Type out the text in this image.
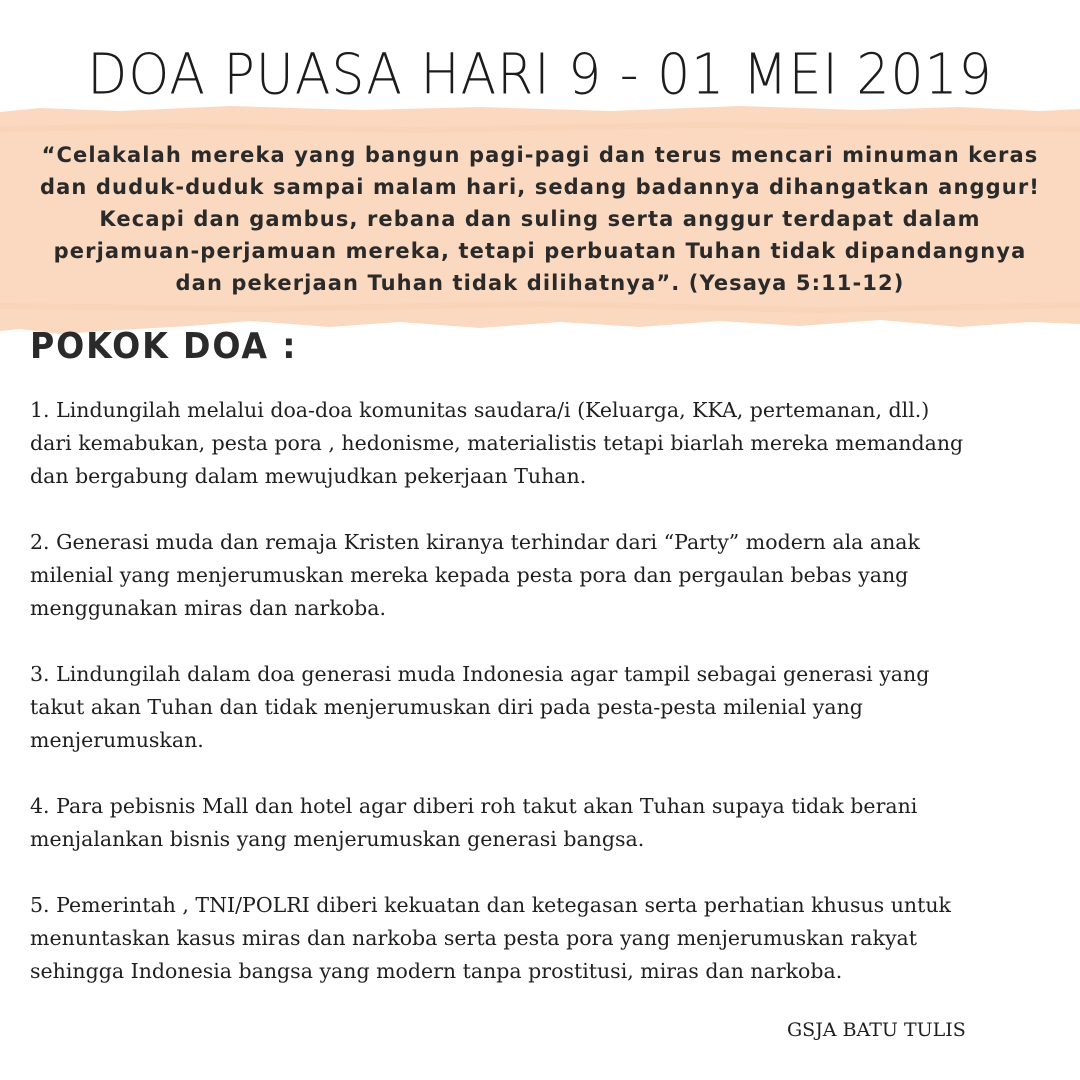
DOA PUASA HARI 9 - 01 MEI 2019
“Celakalah mereka yang bangun pagi-pagi dan terus mencari minuman keras
dan duduk-duduk sampai malam hari, sedang badannya dihangatkan anggur!
Kecapi dan gambus, rebana dan suling serta anggur terdapat dalam
perjamuan-perjamuan mereka, tetapi perbuatan Tuhan tidak dipandangnya
dan pekerjaan Tuhan tidak dilihatnya”. (Yesaya 5:11-12)
POKOK DOA :
1. Lindungilah melalui doa-doa komunitas saudara/i (Keluarga, KKA, pertemanan, dll.)
dari kemabukan, pesta pora , hedonisme, materialistis tetapi biarlah mereka memandang
dan bergabung dalam mewujudkan pekerjaan Tuhan.
2. Generasi muda dan remaja Kristen kiranya terhindar dari “Party” modern ala anak
milenial yang menjerumuskan mereka kepada pesta pora dan pergaulan bebas yang
menggunakan miras dan narkoba.
3. Lindungilah dalam doa generasi muda Indonesia agar tampil sebagai generasi yang
takut akan Tuhan dan tidak menjerumuskan diri pada pesta-pesta milenial yang
menjerumuskan.
4. Para pebisnis Mall dan hotel agar diberi roh takut akan Tuhan supaya tidak berani
menjalankan bisnis yang menjerumuskan generasi bangsa.
5. Pemerintah , TNI/POLRI diberi kekuatan dan ketegasan serta perhatian khusus untuk
menuntaskan kasus miras dan narkoba serta pesta pora yang menjerumuskan rakyat
sehingga Indonesia bangsa yang modern tanpa prostitusi, miras dan narkoba.
GSJA BATU TULIS
